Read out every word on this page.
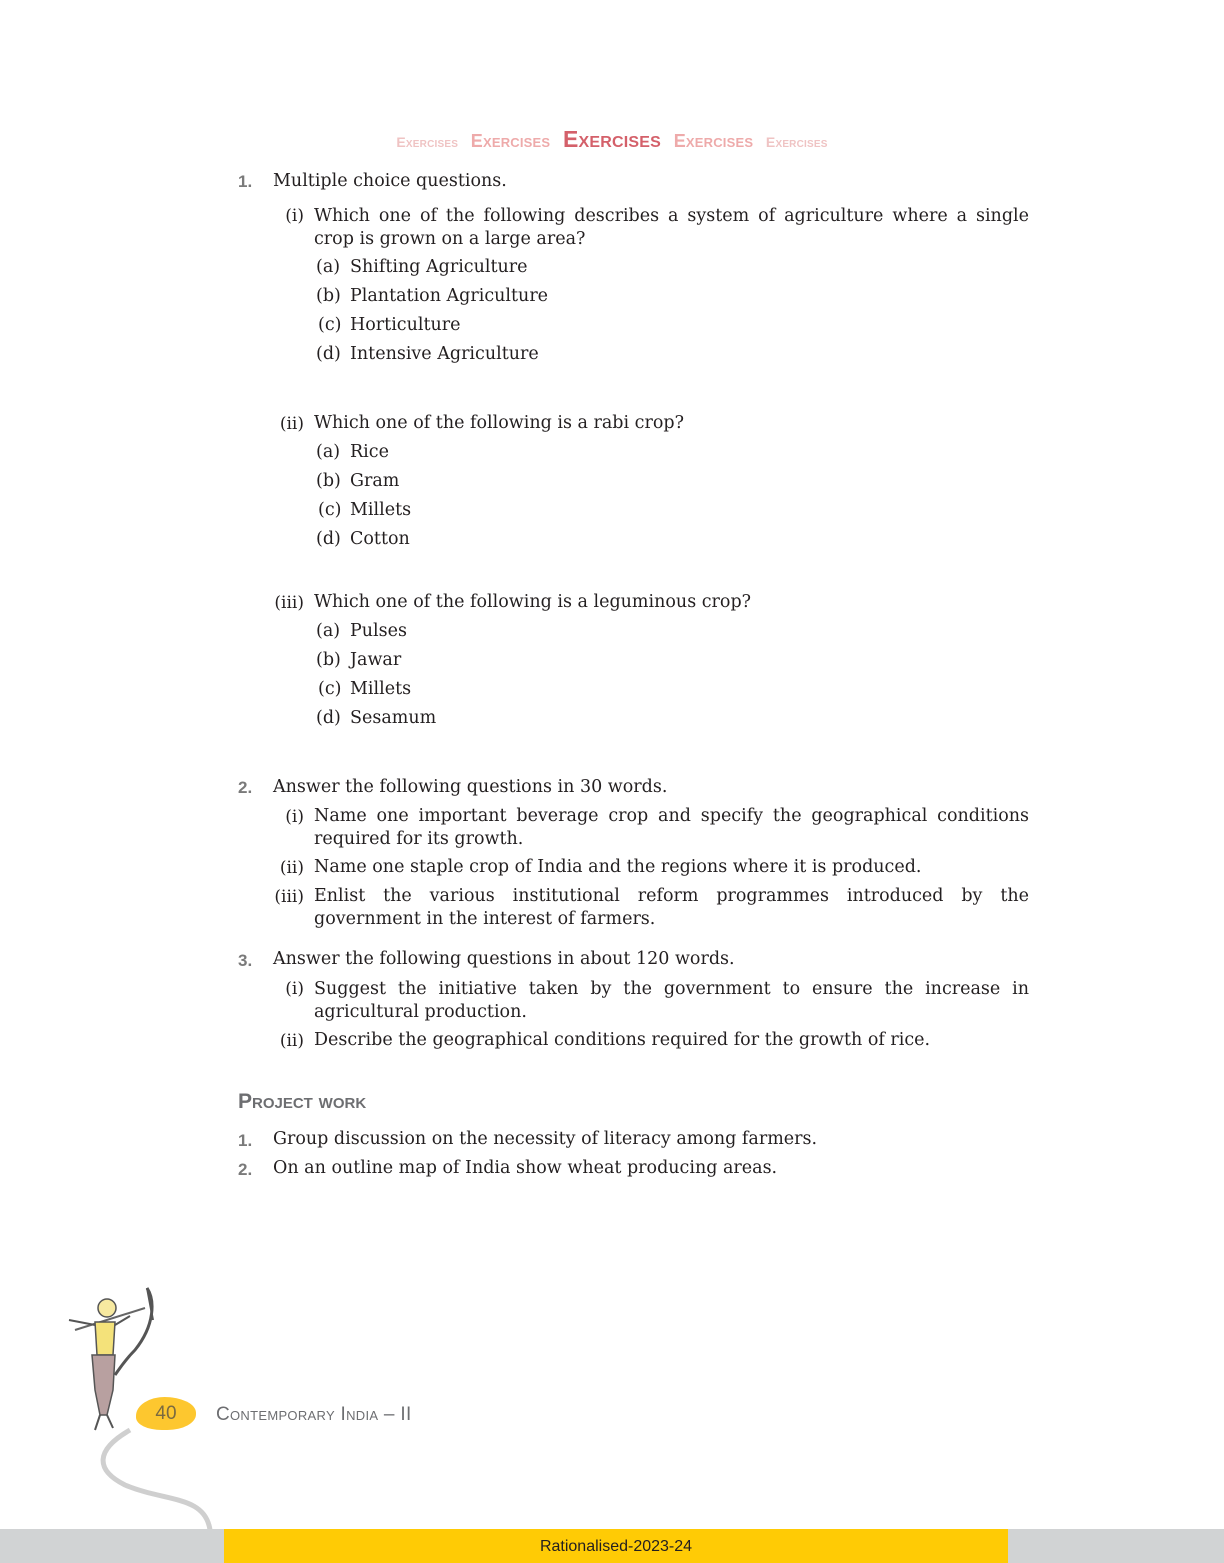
Exercises Exercises Exercises Exercises Exercises
1. Multiple choice questions.
(i) Which one of the following describes a system of agriculture where a single crop is grown on a large area?
(a) Shifting Agriculture
(b) Plantation Agriculture
(c) Horticulture
(d) Intensive Agriculture
(ii) Which one of the following is a rabi crop?
(a) Rice
(b) Gram
(c) Millets
(d) Cotton
(iii) Which one of the following is a leguminous crop?
(a) Pulses
(b) Jawar
(c) Millets
(d) Sesamum
2. Answer the following questions in 30 words.
(i) Name one important beverage crop and specify the geographical conditions required for its growth.
(ii) Name one staple crop of India and the regions where it is produced.
(iii) Enlist the various institutional reform programmes introduced by the government in the interest of farmers.
3. Answer the following questions in about 120 words.
(i) Suggest the initiative taken by the government to ensure the increase in agricultural production.
(ii) Describe the geographical conditions required for the growth of rice.
Project work
1. Group discussion on the necessity of literacy among farmers.
2. On an outline map of India show wheat producing areas.
40	Contemporary India – II
Rationalised-2023-24
